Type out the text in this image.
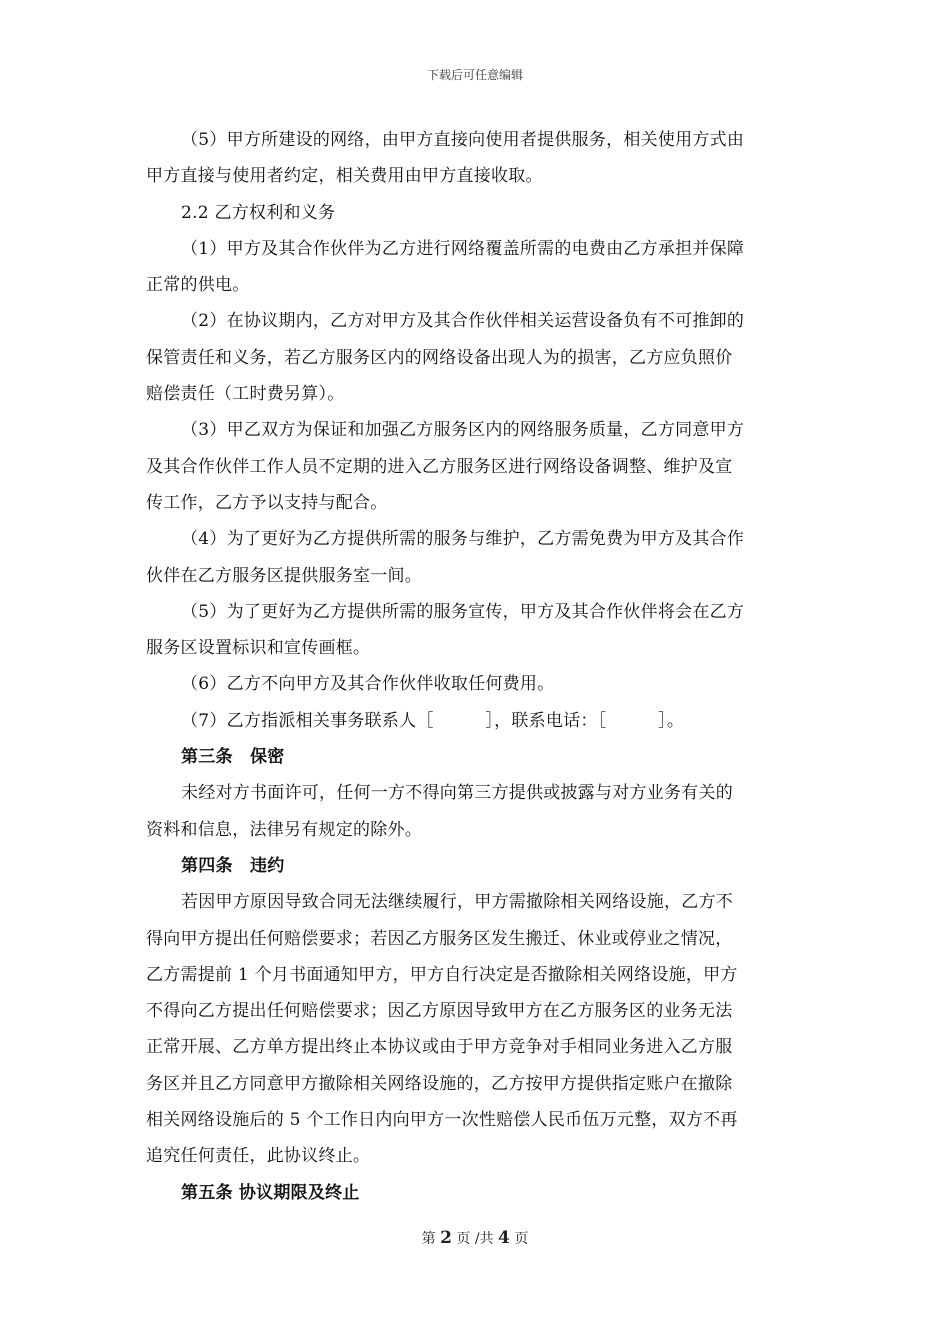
下载后可任意编辑
（5）甲方所建设的网络，由甲方直接向使用者提供服务，相关使用方式由
甲方直接与使用者约定，相关费用由甲方直接收取。
2.2 乙方权利和义务
（1）甲方及其合作伙伴为乙方进行网络覆盖所需的电费由乙方承担并保障
正常的供电。
（2）在协议期内，乙方对甲方及其合作伙伴相关运营设备负有不可推卸的
保管责任和义务，若乙方服务区内的网络设备出现人为的损害，乙方应负照价
赔偿责任（工时费另算）。
（3）甲乙双方为保证和加强乙方服务区内的网络服务质量，乙方同意甲方
及其合作伙伴工作人员不定期的进入乙方服务区进行网络设备调整、维护及宣
传工作，乙方予以支持与配合。
（4）为了更好为乙方提供所需的服务与维护，乙方需免费为甲方及其合作
伙伴在乙方服务区提供服务室一间。
（5）为了更好为乙方提供所需的服务宣传，甲方及其合作伙伴将会在乙方
服务区设置标识和宣传画框。
（6）乙方不向甲方及其合作伙伴收取任何费用。
（7）乙方指派相关事务联系人［　　　］，联系电话：［　　　］。
第三条　保密
未经对方书面许可，任何一方不得向第三方提供或披露与对方业务有关的
资料和信息，法律另有规定的除外。
第四条　违约
若因甲方原因导致合同无法继续履行，甲方需撤除相关网络设施，乙方不
得向甲方提出任何赔偿要求；若因乙方服务区发生搬迁、休业或停业之情况，
乙方需提前 1 个月书面通知甲方，甲方自行决定是否撤除相关网络设施，甲方
不得向乙方提出任何赔偿要求；因乙方原因导致甲方在乙方服务区的业务无法
正常开展、乙方单方提出终止本协议或由于甲方竞争对手相同业务进入乙方服
务区并且乙方同意甲方撤除相关网络设施的，乙方按甲方提供指定账户在撤除
相关网络设施后的 5 个工作日内向甲方一次性赔偿人民币伍万元整，双方不再
追究任何责任，此协议终止。
第五条 协议期限及终止
第 2 页 /共 4 页
